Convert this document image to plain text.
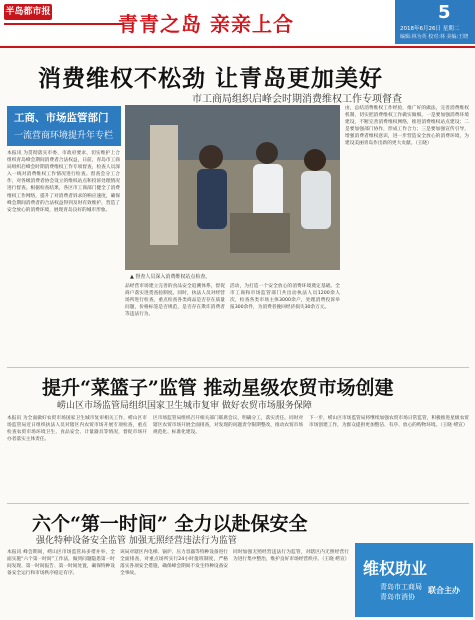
半岛都市报	青青之岛 亲亲上合	5
2018年6月26日 星期二
编辑:林为英 校对:林 美编:王晓
消费维权不松劲 让青岛更加美好
市工商局组织启峰会时期消费维权工作专项督查
工商、市场监管部门
一流营商环境提升年专栏
本报讯 为贯彻落实市委、市政府要求，切实维护上合组织青岛峰会期间消费者合法权益，日前，青岛市工商局组织启峰会时期消费维权工作专项督查，检查人员深入一线对消费维权工作情况进行检查。督查会分工合作，对各级消费者协会设立的维权站点和投诉处理情况进行督查。根据检查结果，各区市工商部门健全了消费维权工作网络，提升了对消费者诉求的响应速度，确保峰会期间消费者的合法权益得到及时有效维护，营造了安全放心的消费环境，展现青岛良好的城市形象。
▲ 督查人员深入消费维权站点检查。
品经营市场建立完善的食品安全追溯体系，督促商户落实进货查验制度。同时，执法人员对经营场所进行检查，重点检查各类商品是否存在质量问题，价格标签是否规范，是否存在欺诈消费者等违法行为。
活动，为打造一个安全放心的消费环境奠定基础。全市工商和市场监管部门共出动执法人员1200余人次，检查各类市场主体3000余户，处理消费投诉举报300余件，为消费者挽回经济损失30余万元。
由，总结消费维权工作经验，推广好的做法，完善消费维权机制，切实把消费维权工作做实做细。一是要加强消费环境建设，不断完善消费维权网络，推进消费维权站点建设；二是要加强部门协作，形成工作合力；三是要加强宣传引导，增强消费者维权意识，进一步营造安全放心的消费环境，为建设美丽青岛作出新的更大贡献。（王晓）
提升“菜篮子”监管 推动星级农贸市场创建
崂山区市场监管局组织国家卫生城市复审 做好农贸市场服务保障
本报讯 为全面做好农贸市场国家卫生城市复审相关工作，崂山区市场监管局近日组织执法人员对辖区内农贸市场开展专项检查，重点检查农贸市场环境卫生、食品安全、计量器具等情况，督促市场开办者落实主体责任。
区市场监管局组织召开相关部门联席会议，明确分工，落实责任。同时对辖区农贸市场开展全面排查，对发现的问题责令限期整改，推动农贸市场规范化、标准化建设。
下一步，崂山区市场监管局将继续加强农贸市场日常监管，积极推进星级农贸市场创建工作，为群众提供更加整洁、有序、放心的购物环境。（王晓 崂宣）
六个“第一时间” 全力以赴保安全
强化特种设备安全监管 加强无照经营违法行为监管
本报讯 峰会期间，崂山区市场监管局多措并举，全面实施“六个第一时间”工作法，做到问题隐患第一时间发现、第一时间报告、第一时间处置，确保特种设备安全运行和市场秩序稳定有序。
该局对辖区内电梯、锅炉、压力容器等特种设备进行全面排查，对重点场所实行24小时值班制度，严格落实各项安全措施，确保峰会期间不发生特种设备安全事故。
同时加强无照经营违法行为监管，对辖区内无照经营行为进行集中整治，维护良好市场经营秩序。（王晓 崂宣） 维权助业
青岛市工商局
青岛市消协
联合主办
